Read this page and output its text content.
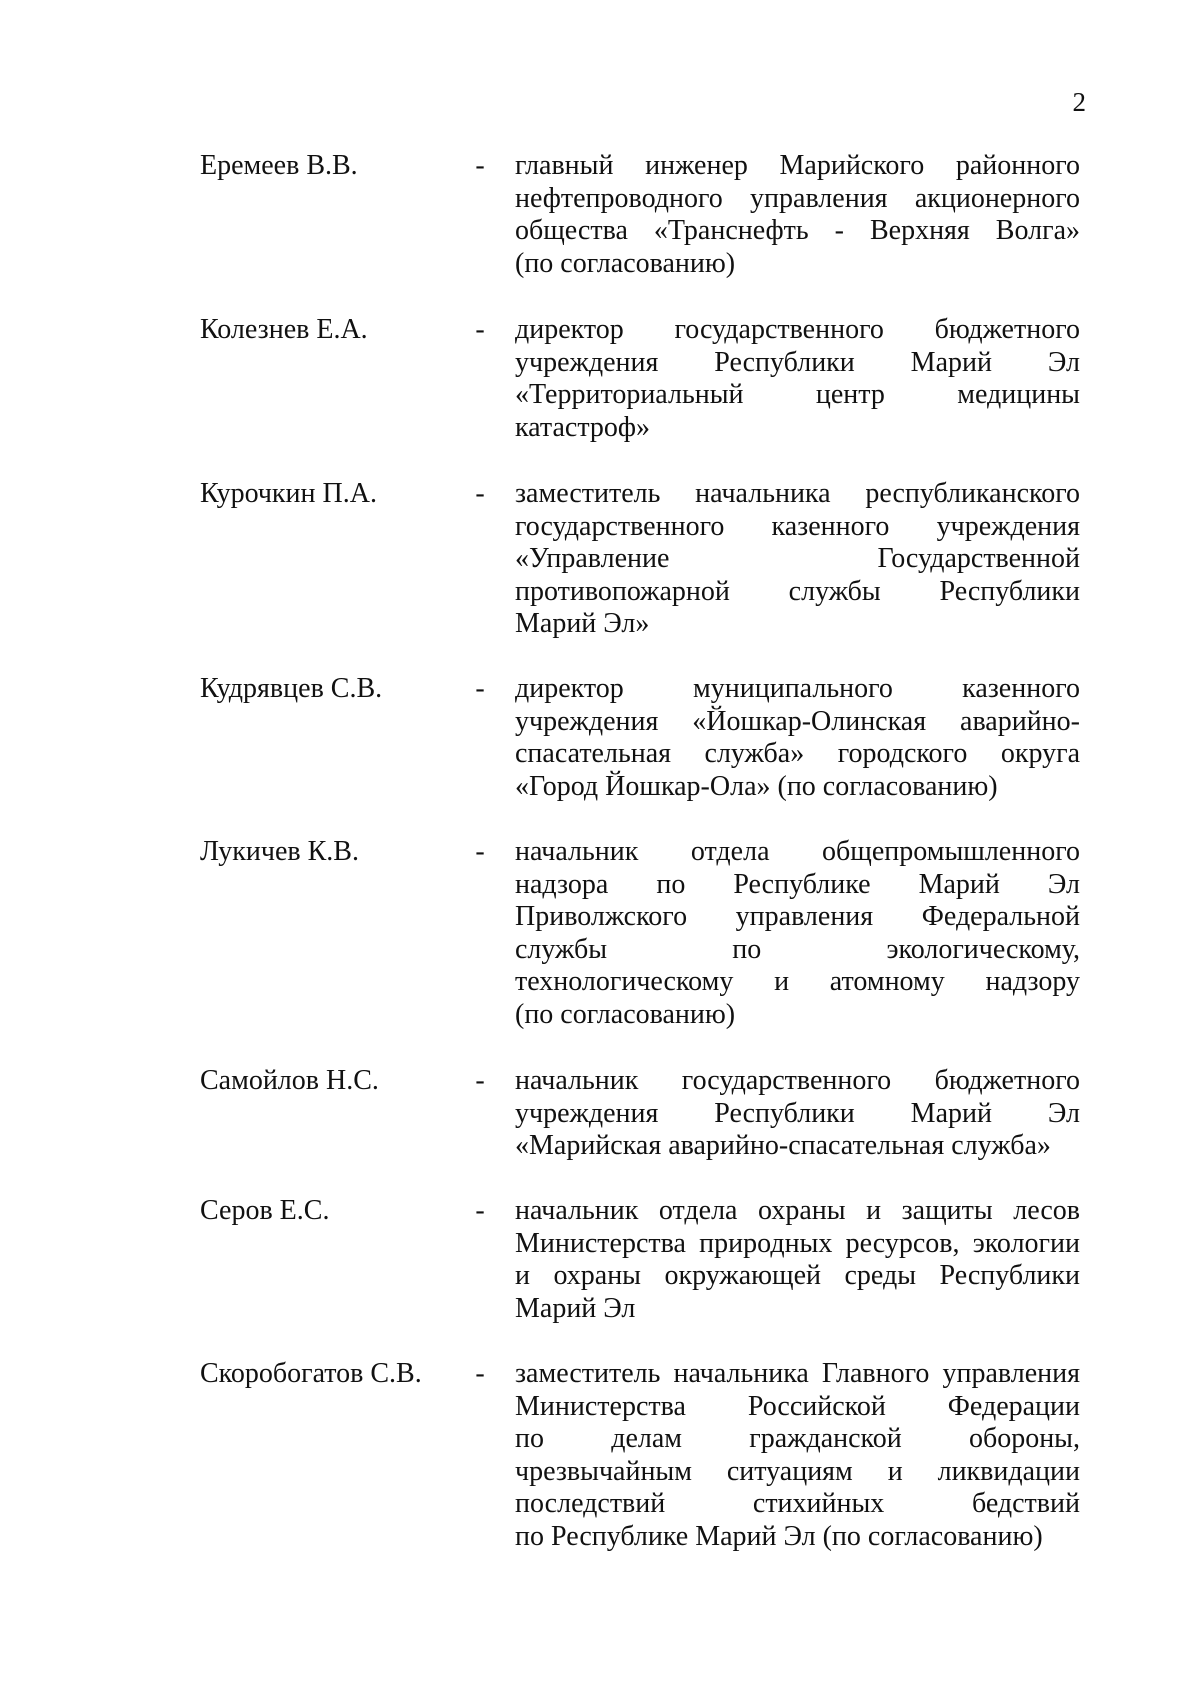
2
Еремеев В.В.	- главный инженер Марийского районного
нефтепроводного управления акционерного
общества «Транснефть - Верхняя Волга»
(по согласованию)
Колезнев Е.А.	- директор государственного бюджетного
учреждения Республики Марий Эл
«Территориальный центр медицины
катастроф»
Курочкин П.А.	- заместитель начальника республиканского
государственного казенного учреждения
«Управление Государственной
противопожарной службы Республики
Марий Эл»
Кудрявцев С.В.	- директор муниципального казенного
учреждения «Йошкар-Олинская аварийно-
спасательная служба» городского округа
«Город Йошкар-Ола» (по согласованию)
Лукичев К.В.	- начальник отдела общепромышленного
надзора по Республике Марий Эл
Приволжского управления Федеральной
службы по экологическому,
технологическому и атомному надзору
(по согласованию)
Самойлов Н.С.	- начальник государственного бюджетного
учреждения Республики Марий Эл
«Марийская аварийно-спасательная служба»
Серов Е.С.	- начальник отдела охраны и защиты лесов
Министерства природных ресурсов, экологии
и охраны окружающей среды Республики
Марий Эл
Скоробогатов С.В.	- заместитель начальника Главного управления
Министерства Российской Федерации
по делам гражданской обороны,
чрезвычайным ситуациям и ликвидации
последствий стихийных бедствий
по Республике Марий Эл (по согласованию)
